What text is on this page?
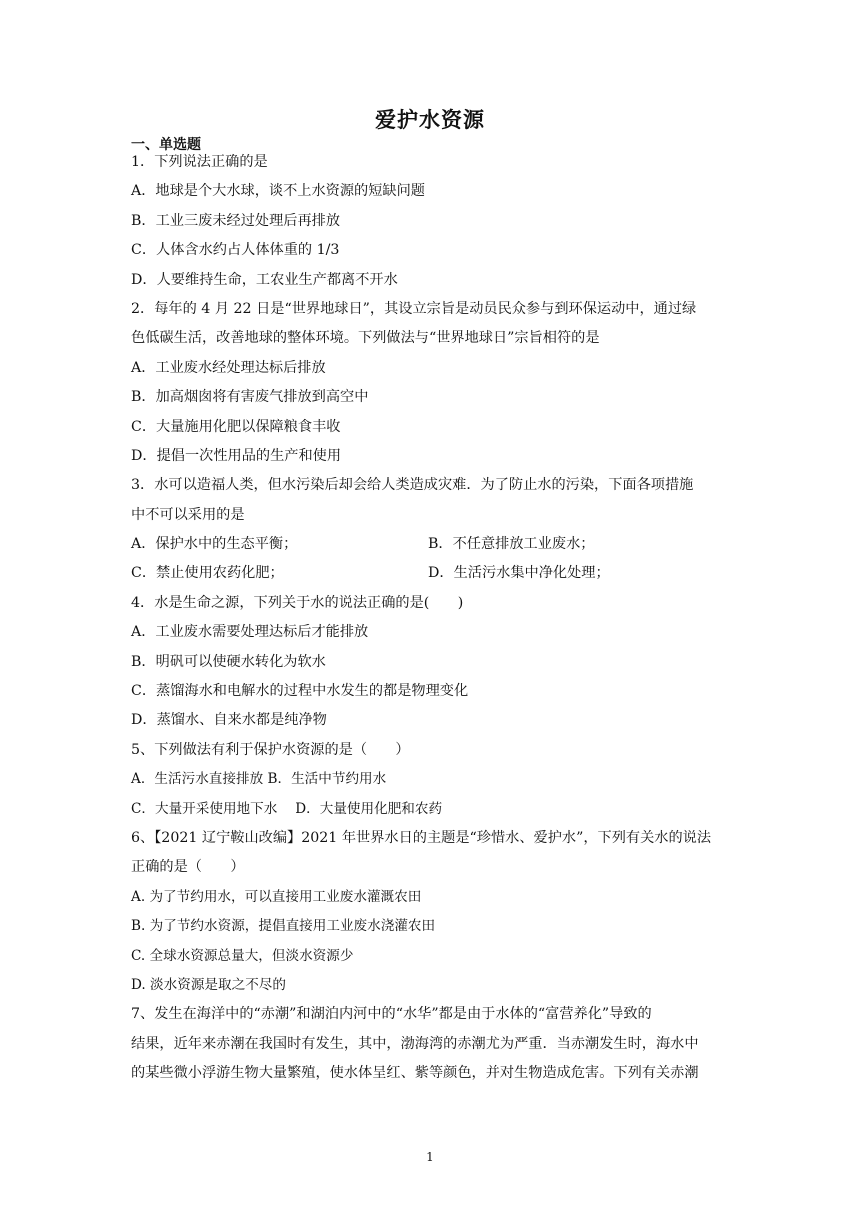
爱护水资源
一、单选题
1．下列说法正确的是
A．地球是个大水球，谈不上水资源的短缺问题
B．工业三废未经过处理后再排放
C．人体含水约占人体体重的 1/3
D．人要维持生命，工农业生产都离不开水
2．每年的 4 月 22 日是“世界地球日”，其设立宗旨是动员民众参与到环保运动中，通过绿
色低碳生活，改善地球的整体环境。下列做法与“世界地球日”宗旨相符的是
A．工业废水经处理达标后排放
B．加高烟囱将有害废气排放到高空中
C．大量施用化肥以保障粮食丰收
D．提倡一次性用品的生产和使用
3．水可以造福人类，但水污染后却会给人类造成灾难．为了防止水的污染，下面各项措施
中不可以采用的是
A．保护水中的生态平衡；	B．不任意排放工业废水；
C．禁止使用农药化肥；	D．生活污水集中净化处理；
4．水是生命之源，下列关于水的说法正确的是(　　)
A．工业废水需要处理达标后才能排放
B．明矾可以使硬水转化为软水
C．蒸馏海水和电解水的过程中水发生的都是物理变化
D．蒸馏水、自来水都是纯净物
5、下列做法有利于保护水资源的是（　　）
A．生活污水直接排放 B．生活中节约用水
C．大量开采使用地下水　 D．大量使用化肥和农药
6、【2021 辽宁鞍山改编】2021 年世界水日的主题是“珍惜水、爱护水”，下列有关水的说法
正确的是（　　）
A. 为了节约用水，可以直接用工业废水灌溉农田
B. 为了节约水资源，提倡直接用工业废水浇灌农田
C. 全球水资源总量大，但淡水资源少
D. 淡水资源是取之不尽的
7、发生在海洋中的“赤潮”和湖泊内河中的“水华”都是由于水体的“富营养化”导致的
结果，近年来赤潮在我国时有发生，其中，渤海湾的赤潮尤为严重．当赤潮发生时，海水中
的某些微小浮游生物大量繁殖，使水体呈红、紫等颜色，并对生物造成危害。下列有关赤潮
1
